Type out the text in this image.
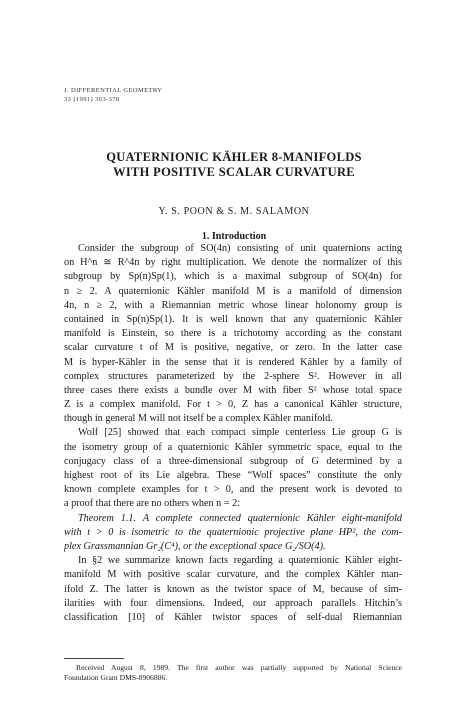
J. DIFFERENTIAL GEOMETRY
33 (1991) 363-378
QUATERNIONIC KÄHLER 8-MANIFOLDS
WITH POSITIVE SCALAR CURVATURE
Y. S. POON & S. M. SALAMON
1. Introduction
Consider the subgroup of SO(4n) consisting of unit quaternions acting
on H^n ≅ R^4n by right multiplication. We denote the normalizer of this
subgroup by Sp(n)Sp(1), which is a maximal subgroup of SO(4n) for
n ≥ 2. A quaternionic Kähler manifold M is a manifold of dimension
4n, n ≥ 2, with a Riemannian metric whose linear holonomy group is
contained in Sp(n)Sp(1). It is well known that any quaternionic Kähler
manifold is Einstein, so there is a trichotomy according as the constant
scalar curvature t of M is positive, negative, or zero. In the latter case
M is hyper-Kähler in the sense that it is rendered Kähler by a family of
complex structures parameterized by the 2-sphere S². However in all
three cases there exists a bundle over M with fiber S² whose total space
Z is a complex manifold. For t > 0, Z has a canonical Kähler structure,
though in general M will not itself be a complex Kähler manifold.
Wolf [25] showed that each compact simple centerless Lie group G is
the isometry group of a quaternionic Kähler symmetric space, equal to the
conjugacy class of a three-dimensional subgroup of G determined by a
highest root of its Lie algebra. These “Wolf spaces” constitute the only
known complete examples for t > 0, and the present work is devoted to
a proof that there are no others when n = 2:
Theorem 1.1. A complete connected quaternionic Kähler eight-manifold
with t > 0 is isometric to the quaternionic projective plane HP², the com-
plex Grassmannian Gr₂(C⁴), or the exceptional space G₂/SO(4).
In §2 we summarize known facts regarding a quaternionic Kähler eight-
manifold M with positive scalar curvature, and the complex Kähler man-
ifold Z. The latter is known as the twistor space of M, because of sim-
ilarities with four dimensions. Indeed, our approach parallels Hitchin’s
classification [10] of Kähler twistor spaces of self-dual Riemannian
Received August 8, 1989. The first author was partially supported by National Science
Foundation Grant DMS-8906806.
